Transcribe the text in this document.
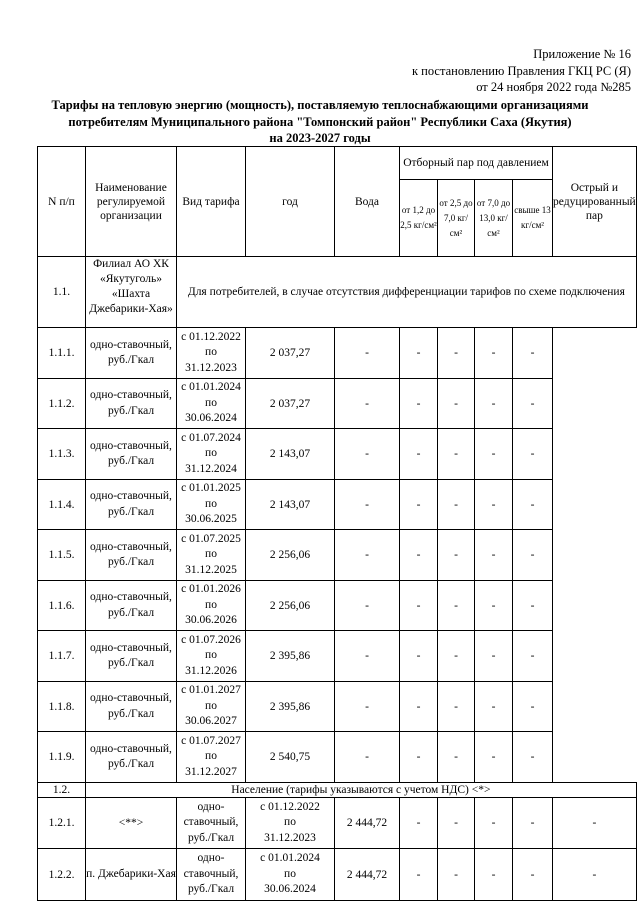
Приложение № 16
к постановлению Правления ГКЦ РС (Я)
от 24 ноября 2022 года №285
Тарифы на тепловую энергию (мощность), поставляемую теплоснабжающими организациями
потребителям Муниципального района "Томпонский район" Республики Саха (Якутия)
на 2023-2027 годы
N п/п	Наименование регулируемой организации	Вид тарифа	год	Вода	Отборный пар под давлением				Острый и редуцированный пар
					от 1,2 до 2,5 кг/см²	от 2,5 до 7,0 кг/см²	от 7,0 до 13,0 кг/см²	свыше 13 кг/см²	
1.1.	Филиал АО ХК «Якутуголь» «Шахта Джебарики-Хая»	Для потребителей, в случае отсутствия дифференциации тарифов по схеме подключения							
1.1.1.	одно-ставочный, руб./Гкал	с 01.12.2022
по
31.12.2023	2 037,27	-	-	-	-	-	
1.1.2.	одно-ставочный, руб./Гкал	с 01.01.2024
по
30.06.2024	2 037,27	-	-	-	-	-	
1.1.3.	одно-ставочный, руб./Гкал	с 01.07.2024
по
31.12.2024	2 143,07	-	-	-	-	-	
1.1.4.	одно-ставочный, руб./Гкал	с 01.01.2025
по
30.06.2025	2 143,07	-	-	-	-	-	
1.1.5.	одно-ставочный, руб./Гкал	с 01.07.2025
по
31.12.2025	2 256,06	-	-	-	-	-	
1.1.6.	одно-ставочный, руб./Гкал	с 01.01.2026
по
30.06.2026	2 256,06	-	-	-	-	-	
1.1.7.	одно-ставочный, руб./Гкал	с 01.07.2026
по
31.12.2026	2 395,86	-	-	-	-	-	
1.1.8.	одно-ставочный, руб./Гкал	с 01.01.2027
по
30.06.2027	2 395,86	-	-	-	-	-	
1.1.9.	одно-ставочный, руб./Гкал	с 01.07.2027
по
31.12.2027	2 540,75	-	-	-	-	-	
1.2.	Население (тарифы указываются с учетом НДС) <*>								
1.2.1.	<**>	одно-ставочный, руб./Гкал	с 01.12.2022
по
31.12.2023	2 444,72	-	-	-	-	-
1.2.2.	п. Джебарики-Хая	одно-ставочный, руб./Гкал	с 01.01.2024
по
30.06.2024	2 444,72	-	-	-	-	-
